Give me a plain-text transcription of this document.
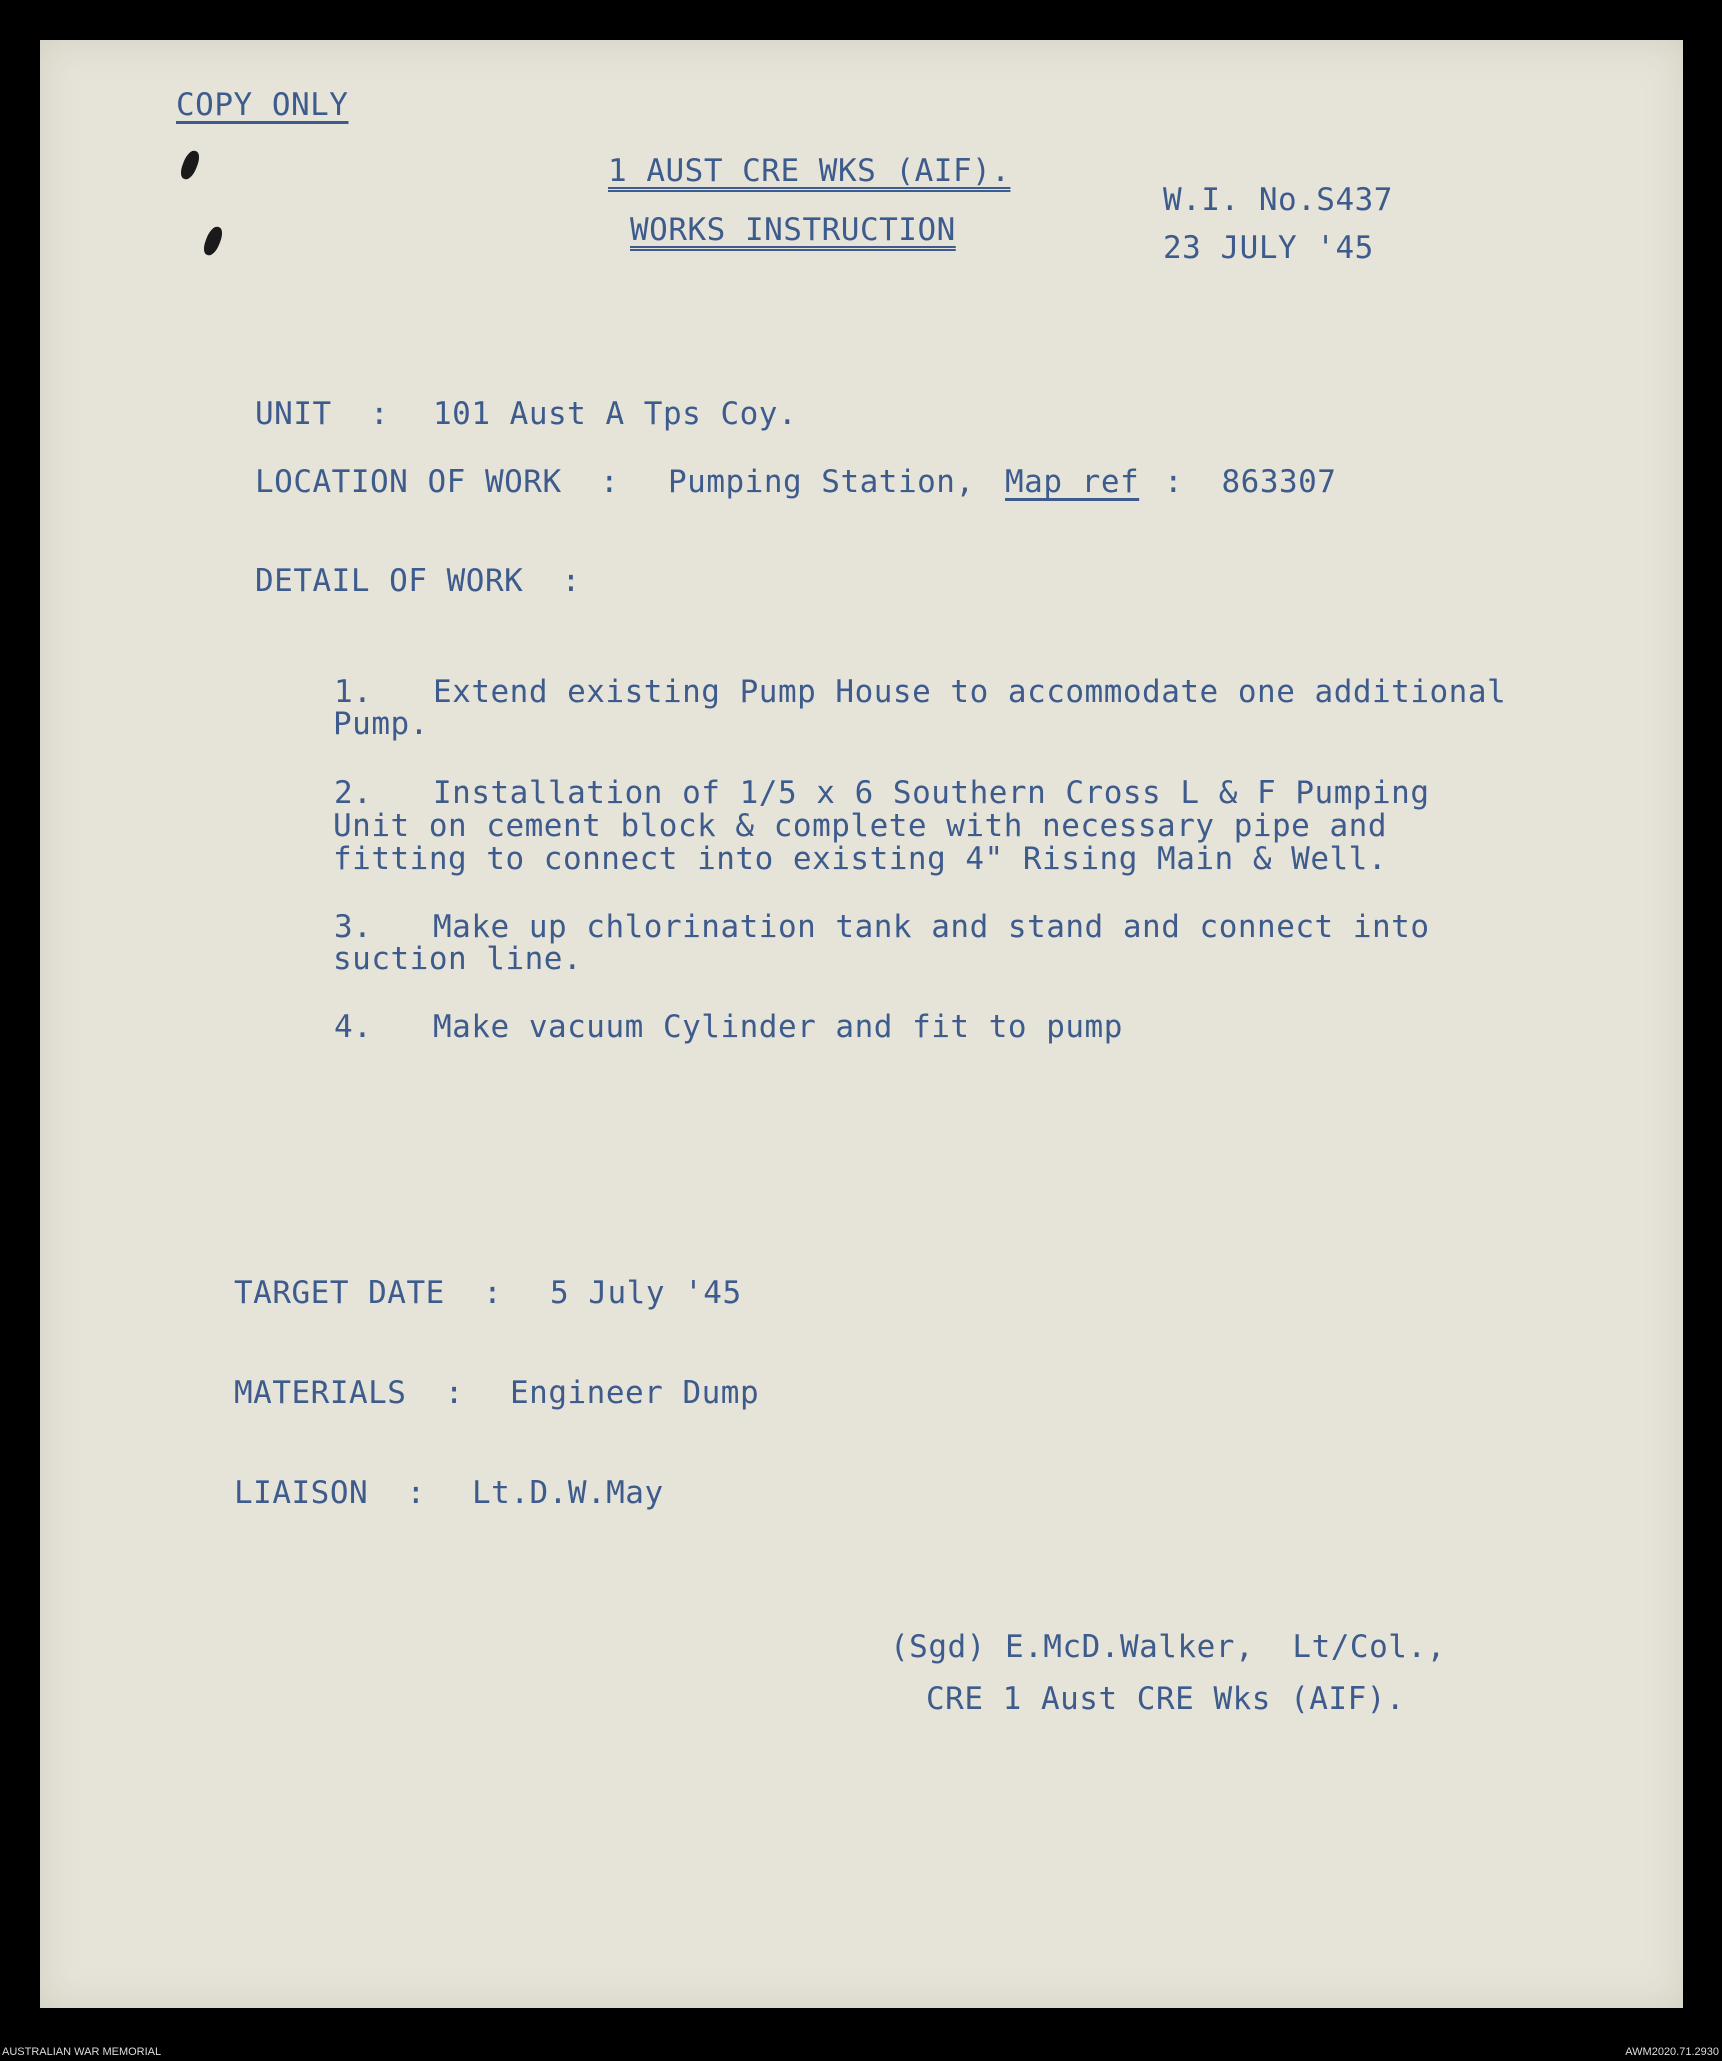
COPY ONLY
1 AUST CRE WKS (AIF).
WORKS INSTRUCTION
W.I. No.S437
23 JULY '45
UNIT  : 101 Aust A Tps Coy.
LOCATION OF WORK  : Pumping Station, Map ref :  863307
DETAIL OF WORK  :
1. Extend existing Pump House to accommodate one additional
Pump.
2. Installation of 1/5 x 6 Southern Cross L & F Pumping
Unit on cement block & complete with necessary pipe and
fitting to connect into existing 4" Rising Main & Well.
3. Make up chlorination tank and stand and connect into
suction line.
4. Make vacuum Cylinder and fit to pump
TARGET DATE  : 5 July '45
MATERIALS  : Engineer Dump
LIAISON  : Lt.D.W.May
(Sgd) E.McD.Walker,  Lt/Col.,
CRE 1 Aust CRE Wks (AIF).
AUSTRALIAN WAR MEMORIAL	AWM2020.71.2930
